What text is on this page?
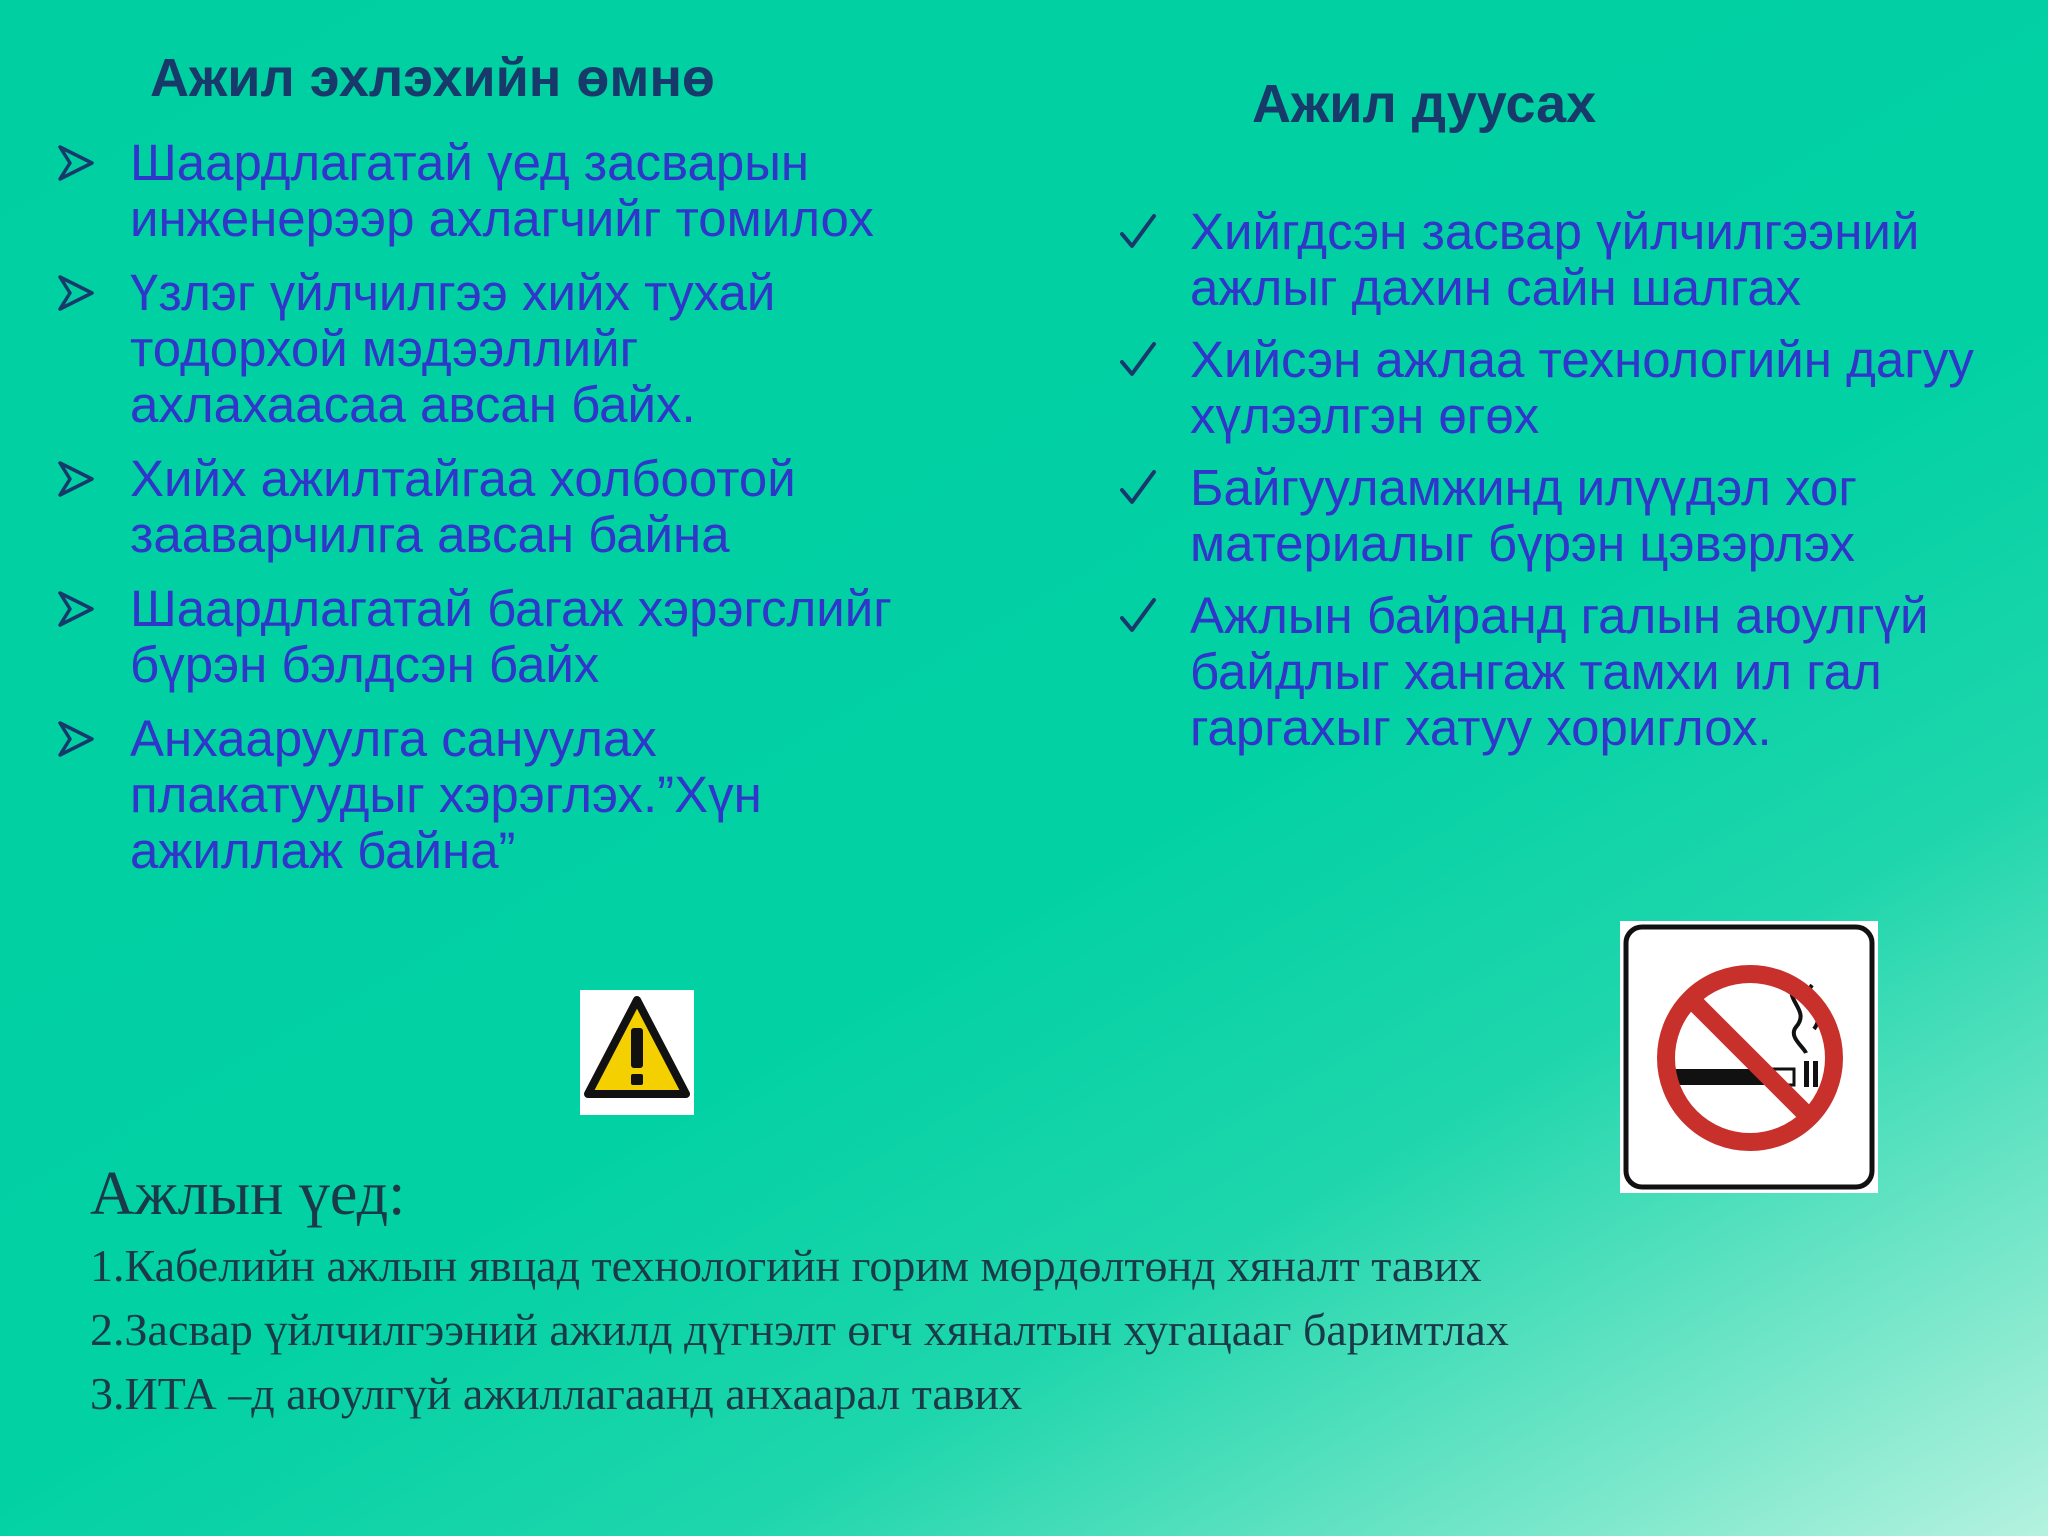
Ажил эхлэхийн өмнө
Шаардлагатай үед засварын инженерээр ахлагчийг томилох
Үзлэг үйлчилгээ хийх тухай тодорхой мэдээллийг ахлахаасаа авсан байх.
Хийх ажилтайгаа холбоотой зааварчилга авсан байна
Шаардлагатай багаж хэрэгслийг бүрэн бэлдсэн байх
Анхааруулга сануулах плакатуудыг хэрэглэх.”Хүн ажиллаж байна”
Ажил дуусах
Хийгдсэн засвар үйлчилгээний ажлыг дахин сайн шалгах
Хийсэн ажлаа технологийн дагуу хүлээлгэн өгөх
Байгууламжинд илүүдэл хог материалыг бүрэн цэвэрлэх
Ажлын байранд галын аюулгүй байдлыг хангаж тамхи ил гал гаргахыг хатуу хориглох.

Ажлын үед:

1.Кабелийн ажлын явцад технологийн горим мөрдөлтөнд хяналт тавих

2.Засвар үйлчилгээний ажилд дүгнэлт өгч хяналтын хугацааг баримтлах

3.ИТА –д аюулгүй ажиллагаанд анхаарал тавих
